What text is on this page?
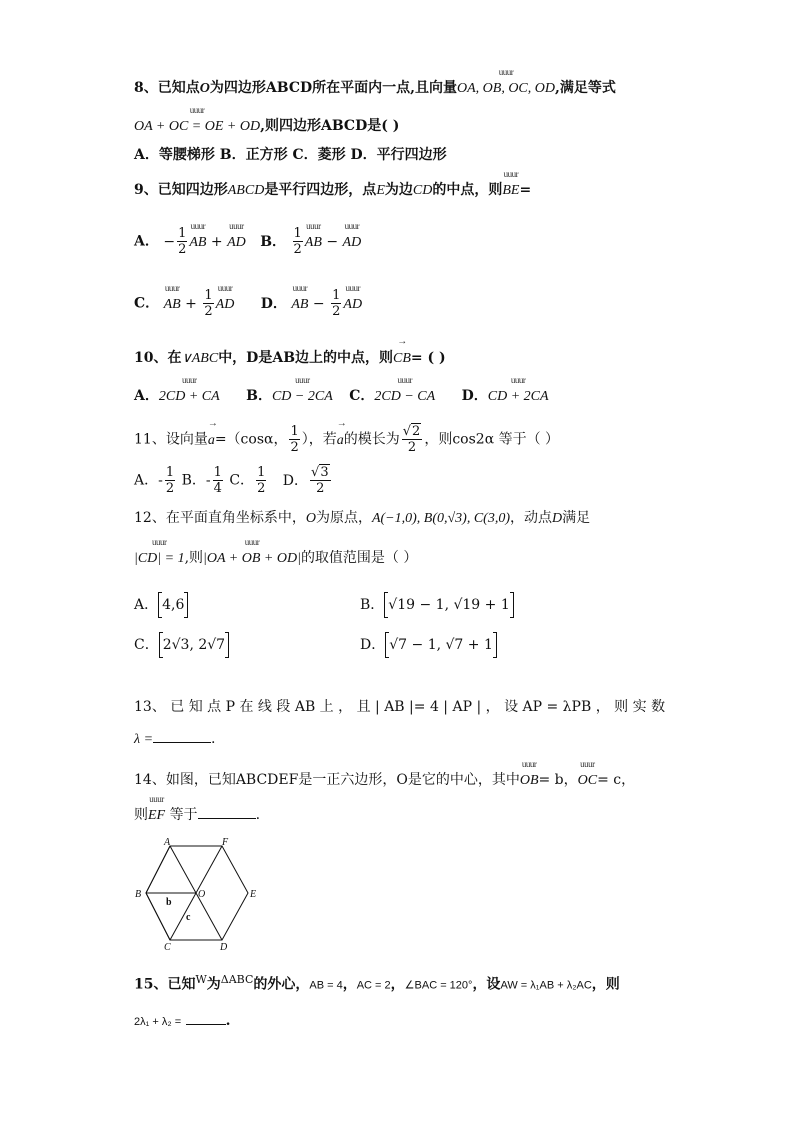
8、已知点O为四边形ABCD所在平面内一点,且向量uuur OA, OB, OC, OD,满足等式
uuur OA + OC = OE + OD,则四边形ABCD是( )
A．等腰梯形 B．正方形 C．菱形 D．平行四边形
9、已知四边形ABCD是平行四边形，点E为边CD的中点，则uuur BE=
A． − $\frac{1}{2}$ uuur AB + uuur AD B． $\frac{1}{2}$ uuur AB − uuur AD
C． uuur AB + $\frac{1}{2}$ uuur AD D． uuur AB − $\frac{1}{2}$ uuur AD
10、在∨ABC中，D是AB边上的中点，则→ CB= ( )
A．uuur 2CD + CA B．uuur CD − 2CA C．uuur 2CD − CA D．uuur CD + 2CA
11、设向量→ a=（cosα， $\frac{1}{2}$ ），若→ a的模长为 $\frac{√2}{2}$ ，则cos2α 等于（ ）
A．- $\frac{1}{2}$ B．- $\frac{1}{4}$ C． $\frac{1}{2}$ D． $\frac{√3}{2}$
12、在平面直角坐标系中，O为原点，A(−1,0), B(0,√3), C(3,0)，动点D满足
uuur |CD| = 1,则uuur |OA + OB + OD|的取值范围是（ ）
A． 4,6	B． √19 − 1, √19 + 1
C． 2√3, 2√7	D． √7 − 1, √7 + 1
13、 已 知 点 P 在 线 段 AB 上 ， 且 | AB |= 4 | AP | ， 设 AP = λPB ， 则 实 数
λ =	.
14、如图，已知ABCDEF是一正六边形，O是它的中心，其中uuur OB= b，uuur OC= c，
则uuur EF 等于	.
A	F
B	O	E
C	D
b
c
15、已知$^W$为$^{\Delta ABC}$的外心，AB = 4，AC = 2，∠BAC = 120°，设AW = λ₁AB + λ₂AC，则
2λ₁ + λ₂ =	.
